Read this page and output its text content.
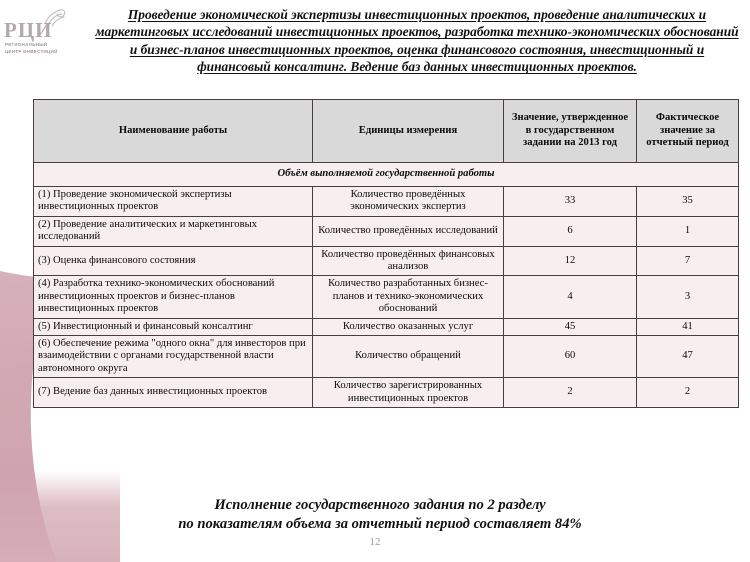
РЦИ
РЕГИОНАЛЬНЫЙ
ЦЕНТР ИНВЕСТИЦИЙ
Проведение экономической экспертизы инвестиционных проектов, проведение аналитических и маркетинговых исследований инвестиционных проектов, разработка технико-экономических обоснований и бизнес-планов инвестиционных проектов, оценка финансового состояния, инвестиционный и финансовый консалтинг. Ведение баз данных инвестиционных проектов.
Наименование работы	Единицы измерения	Значение, утвержденное в государственном задании на 2013 год	Фактическое значение за отчетный период
Объём выполняемой государственной работы			
(1) Проведение экономической экспертизы инвестиционных проектов	Количество проведённых экономических экспертиз	33	35
(2) Проведение аналитических и маркетинговых исследований	Количество проведённых исследований	6	1
(3) Оценка финансового состояния	Количество проведённых финансовых анализов	12	7
(4) Разработка технико-экономических обоснований инвестиционных проектов и бизнес-планов инвестиционных проектов	Количество разработанных бизнес-планов и технико-экономических обоснований	4	3
(5) Инвестиционный и финансовый консалтинг	Количество оказанных услуг	45	41
(6) Обеспечение режима "одного окна" для инвесторов при взаимодействии с органами государственной власти автономного округа	Количество обращений	60	47
(7) Ведение баз данных инвестиционных проектов	Количество зарегистрированных инвестиционных проектов	2	2
Исполнение государственного задания по 2 разделу
по показателям объема за отчетный период составляет 84%
12
